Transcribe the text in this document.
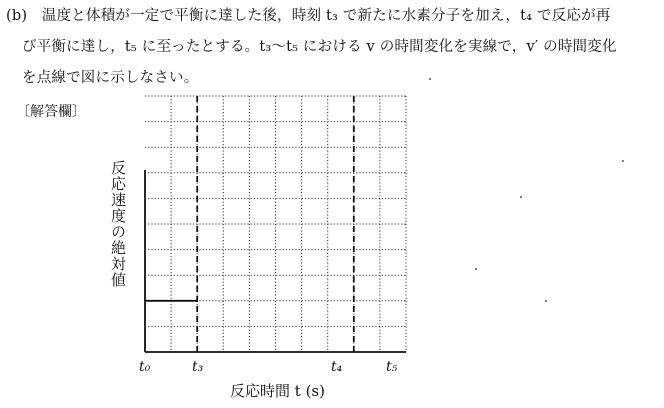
(b)　温度と体積が一定で平衡に達した後，時刻 t₃ で新たに水素分子を加え，t₄ で反応が再
び平衡に達し，t₅ に至ったとする。t₃〜t₅ における v の時間変化を実線で，v′ の時間変化
を点線で図に示しなさい。
〔解答欄〕
反応速度の絶対値
反応時間 t (s)
t₀	t₃	t₄	t₅
